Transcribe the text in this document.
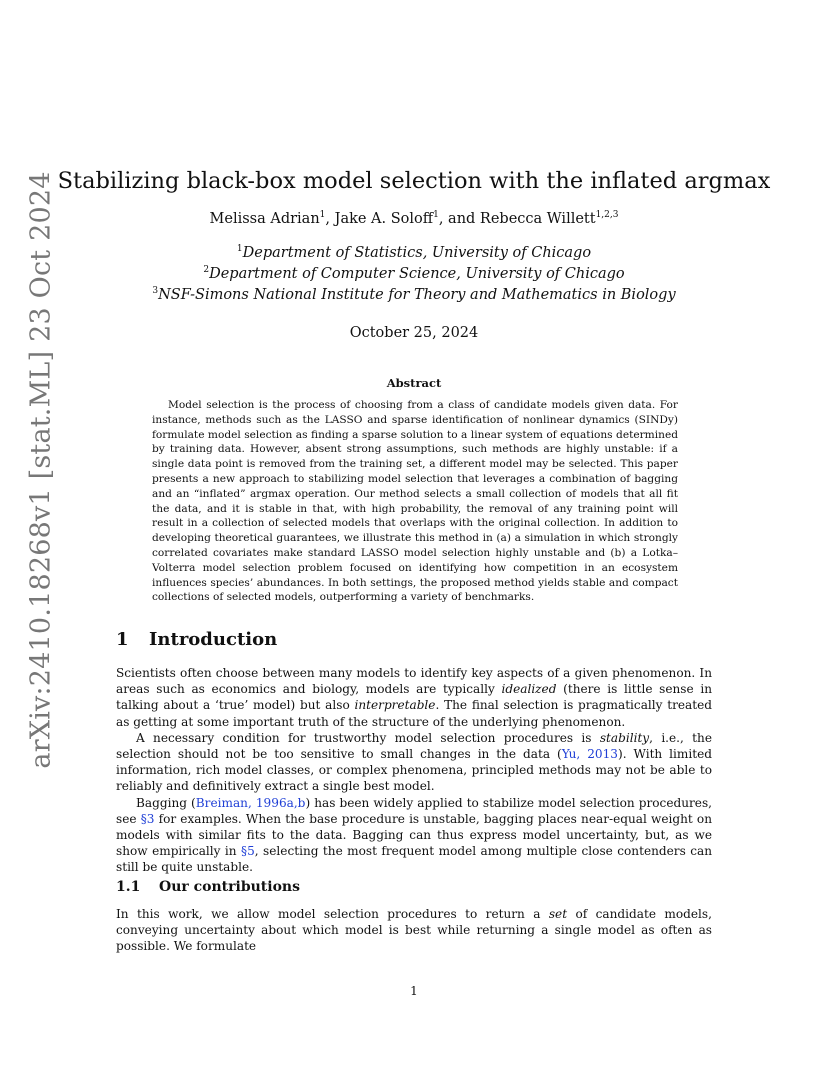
arXiv:2410.18268v1 [stat.ML] 23 Oct 2024 Stabilizing black-box model selection with the inflated argmax
Melissa Adrian$^1$, Jake A. Soloff$^1$, and Rebecca Willett$^{1,2,3}$
$^1$Department of Statistics, University of Chicago
$^2$Department of Computer Science, University of Chicago
$^3$NSF-Simons National Institute for Theory and Mathematics in Biology
October 25, 2024
Abstract

Model selection is the process of choosing from a class of candidate models given data. For instance, methods such as the LASSO and sparse identification of nonlinear dynamics (SINDy) formulate model selection as finding a sparse solution to a linear system of equations determined by training data. However, absent strong assumptions, such methods are highly unstable: if a single data point is removed from the training set, a different model may be selected. This paper presents a new approach to stabilizing model selection that leverages a combination of bagging and an “inflated” argmax operation. Our method selects a small collection of models that all fit the data, and it is stable in that, with high probability, the removal of any training point will result in a collection of selected models that overlaps with the original collection. In addition to developing theoretical guarantees, we illustrate this method in (a) a simulation in which strongly correlated covariates make standard LASSO model selection highly unstable and (b) a Lotka–Volterra model selection problem focused on identifying how competition in an ecosystem influences species’ abundances. In both settings, the proposed method yields stable and compact collections of selected models, outperforming a variety of benchmarks.

1 Introduction

Scientists often choose between many models to identify key aspects of a given phenomenon. In areas such as economics and biology, models are typically idealized (there is little sense in talking about a ‘true’ model) but also interpretable. The final selection is pragmatically treated as getting at some important truth of the structure of the underlying phenomenon.

A necessary condition for trustworthy model selection procedures is stability, i.e., the selection should not be too sensitive to small changes in the data (Yu, 2013). With limited information, rich model classes, or complex phenomena, principled methods may not be able to reliably and definitively extract a single best model.

Bagging (Breiman, 1996a,b) has been widely applied to stabilize model selection procedures, see §3 for examples. When the base procedure is unstable, bagging places near-equal weight on models with similar fits to the data. Bagging can thus express model uncertainty, but, as we show empirically in §5, selecting the most frequent model among multiple close contenders can still be quite unstable.

1.1 Our contributions

In this work, we allow model selection procedures to return a set of candidate models, conveying uncertainty about which model is best while returning a single model as often as possible. We formulate

1
